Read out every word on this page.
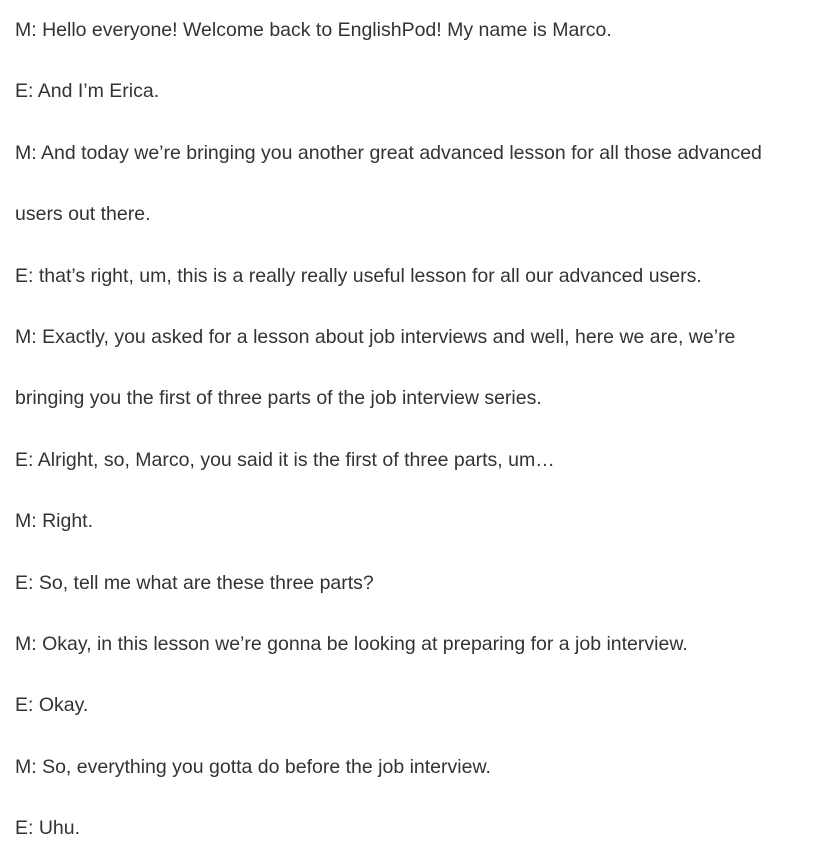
M: Hello everyone! Welcome back to EnglishPod! My name is Marco.

E: And I’m Erica.

M: And today we’re bringing you another great advanced lesson for all those advanced

users out there.

E: that’s right, um, this is a really really useful lesson for all our advanced users.

M: Exactly, you asked for a lesson about job interviews and well, here we are, we’re

bringing you the first of three parts of the job interview series.

E: Alright, so, Marco, you said it is the first of three parts, um…

M: Right.

E: So, tell me what are these three parts?

M: Okay, in this lesson we’re gonna be looking at preparing for a job interview.

E: Okay.

M: So, everything you gotta do before the job interview.

E: Uhu.
